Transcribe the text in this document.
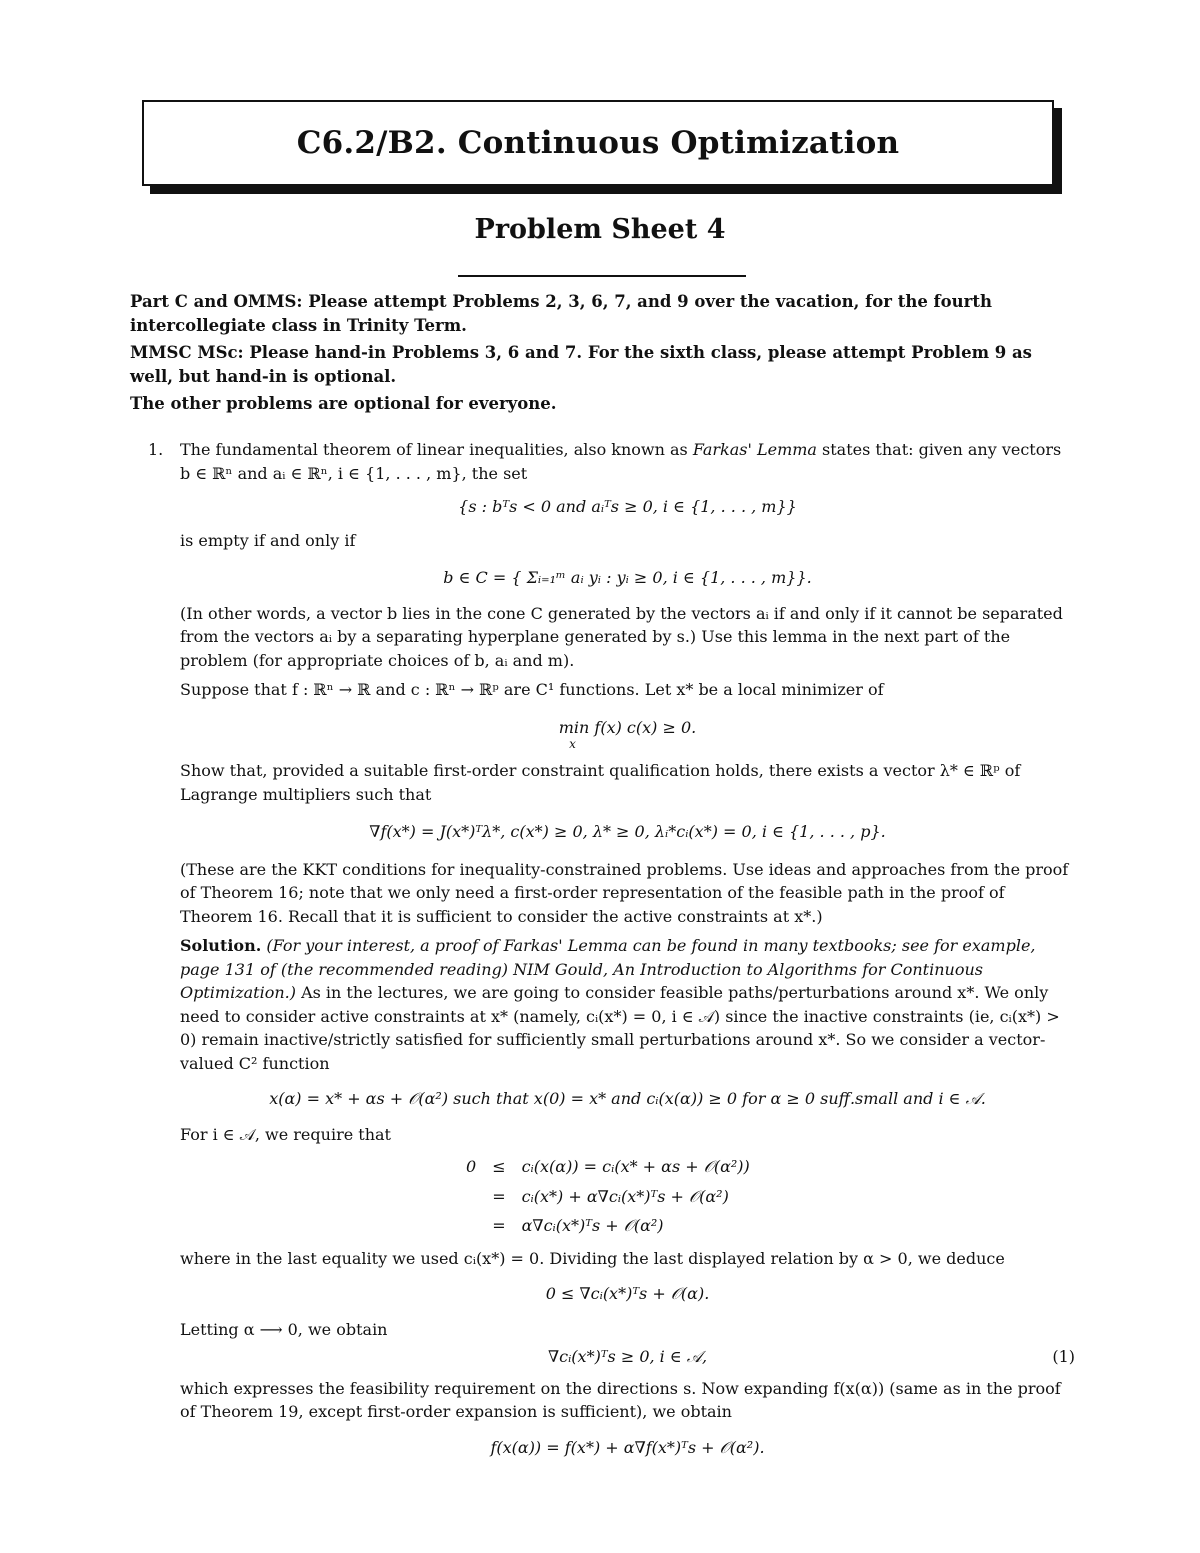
C6.2/B2. Continuous Optimization
Problem Sheet 4

Part C and OMMS: Please attempt Problems 2, 3, 6, 7, and 9 over the vacation, for the fourth intercollegiate class in Trinity Term.

MMSC MSc: Please hand-in Problems 3, 6 and 7. For the sixth class, please attempt Problem 9 as well, but hand-in is optional.

The other problems are optional for everyone.

1. The fundamental theorem of linear inequalities, also known as Farkas' Lemma states that: given any vectors b ∈ ℝⁿ and aᵢ ∈ ℝⁿ, i ∈ {1, . . . , m}, the set

{s : bᵀs < 0 and aᵢᵀs ≥ 0, i ∈ {1, . . . , m}}

is empty if and only if

b ∈ C = { Σᵢ₌₁ᵐ aᵢ yᵢ : yᵢ ≥ 0, i ∈ {1, . . . , m}}.

(In other words, a vector b lies in the cone C generated by the vectors aᵢ if and only if it cannot be separated from the vectors aᵢ by a separating hyperplane generated by s.) Use this lemma in the next part of the problem (for appropriate choices of b, aᵢ and m).

Suppose that f : ℝⁿ → ℝ and c : ℝⁿ → ℝᵖ are C¹ functions. Let x* be a local minimizer of

min f(x) c(x) ≥ 0.
x

Show that, provided a suitable first-order constraint qualification holds, there exists a vector λ* ∈ ℝᵖ of Lagrange multipliers such that

∇f(x*) = J(x*)ᵀλ*, c(x*) ≥ 0, λ* ≥ 0, λᵢ*cᵢ(x*) = 0, i ∈ {1, . . . , p}.

(These are the KKT conditions for inequality-constrained problems. Use ideas and approaches from the proof of Theorem 16; note that we only need a first-order representation of the feasible path in the proof of Theorem 16. Recall that it is sufficient to consider the active constraints at x*.)

Solution. (For your interest, a proof of Farkas' Lemma can be found in many textbooks; see for example, page 131 of (the recommended reading) NIM Gould, An Introduction to Algorithms for Continuous Optimization.) As in the lectures, we are going to consider feasible paths/perturbations around x*. We only need to consider active constraints at x* (namely, cᵢ(x*) = 0, i ∈ 𝒜) since the inactive constraints (ie, cᵢ(x*) > 0) remain inactive/strictly satisfied for sufficiently small perturbations around x*. So we consider a vector-valued C² function

x(α) = x* + αs + 𝒪(α²) such that x(0) = x* and cᵢ(x(α)) ≥ 0 for α ≥ 0 suff.small and i ∈ 𝒜.

For i ∈ 𝒜, we require that

0	≤	cᵢ(x(α)) = cᵢ(x* + αs + 𝒪(α²))
	=	cᵢ(x*) + α∇cᵢ(x*)ᵀs + 𝒪(α²)
	=	α∇cᵢ(x*)ᵀs + 𝒪(α²)

where in the last equality we used cᵢ(x*) = 0. Dividing the last displayed relation by α > 0, we deduce

0 ≤ ∇cᵢ(x*)ᵀs + 𝒪(α).

Letting α ⟶ 0, we obtain

∇cᵢ(x*)ᵀs ≥ 0, i ∈ 𝒜,	(1)

which expresses the feasibility requirement on the directions s. Now expanding f(x(α)) (same as in the proof of Theorem 19, except first-order expansion is sufficient), we obtain

f(x(α)) = f(x*) + α∇f(x*)ᵀs + 𝒪(α²).
